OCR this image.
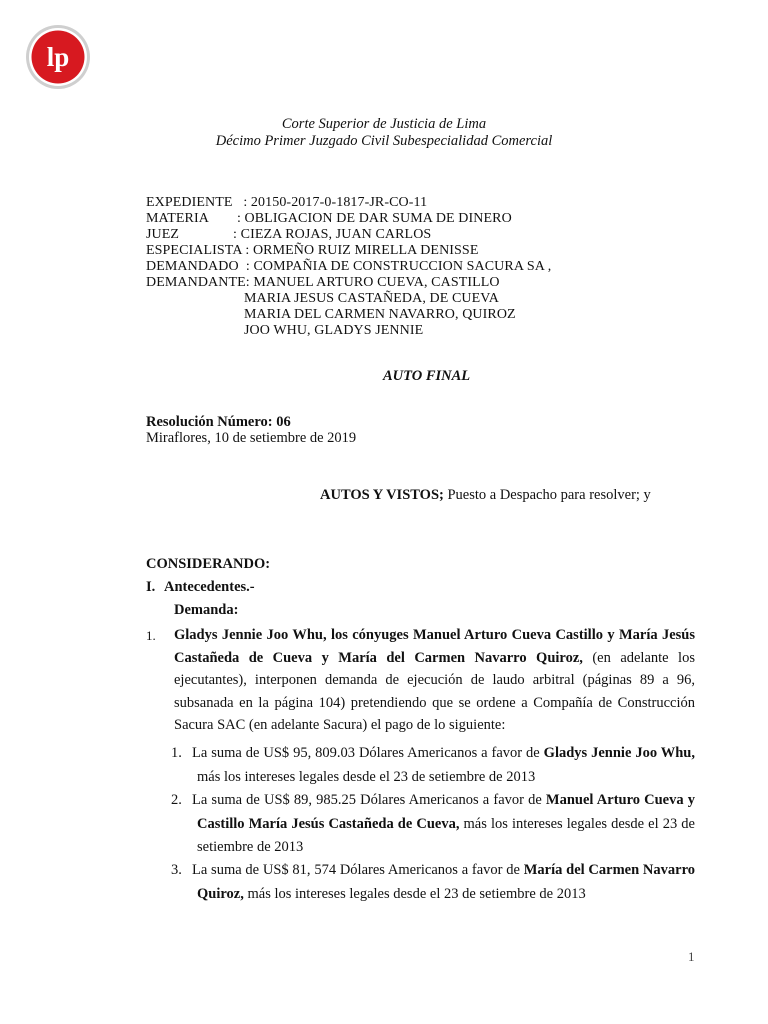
lp
Corte Superior de Justicia de Lima
Décimo Primer Juzgado Civil Subespecialidad Comercial
EXPEDIENTE   : 20150-2017-0-1817-JR-CO-11
MATERIA        : OBLIGACION DE DAR SUMA DE DINERO
JUEZ               : CIEZA ROJAS, JUAN CARLOS
ESPECIALISTA : ORMEÑO RUIZ MIRELLA DENISSE
DEMANDADO  : COMPAÑIA DE CONSTRUCCION SACURA SA ,
DEMANDANTE: MANUEL ARTURO CUEVA, CASTILLO
MARIA JESUS CASTAÑEDA, DE CUEVA
MARIA DEL CARMEN NAVARRO, QUIROZ
JOO WHU, GLADYS JENNIE
AUTO FINAL
Resolución Número: 06
Miraflores, 10 de setiembre de 2019
AUTOS Y VISTOS; Puesto a Despacho para resolver; y
CONSIDERANDO:
I. Antecedentes.-
Demanda:
1. Gladys Jennie Joo Whu, los cónyuges Manuel Arturo Cueva Castillo y María Jesús Castañeda de Cueva y María del Carmen Navarro Quiroz, (en adelante los ejecutantes), interponen demanda de ejecución de laudo arbitral (páginas 89 a 96, subsanada en la página 104) pretendiendo que se ordene a Compañía de Construcción Sacura SAC (en adelante Sacura) el pago de lo siguiente:
1. La suma de US$ 95, 809.03 Dólares Americanos a favor de Gladys Jennie Joo Whu, más los intereses legales desde el 23 de setiembre de 2013
2. La suma de US$ 89, 985.25 Dólares Americanos a favor de Manuel Arturo Cueva y Castillo María Jesús Castañeda de Cueva, más los intereses legales desde el 23 de setiembre de 2013
3. La suma de US$ 81, 574 Dólares Americanos a favor de María del Carmen Navarro Quiroz, más los intereses legales desde el 23 de setiembre de 2013
1
